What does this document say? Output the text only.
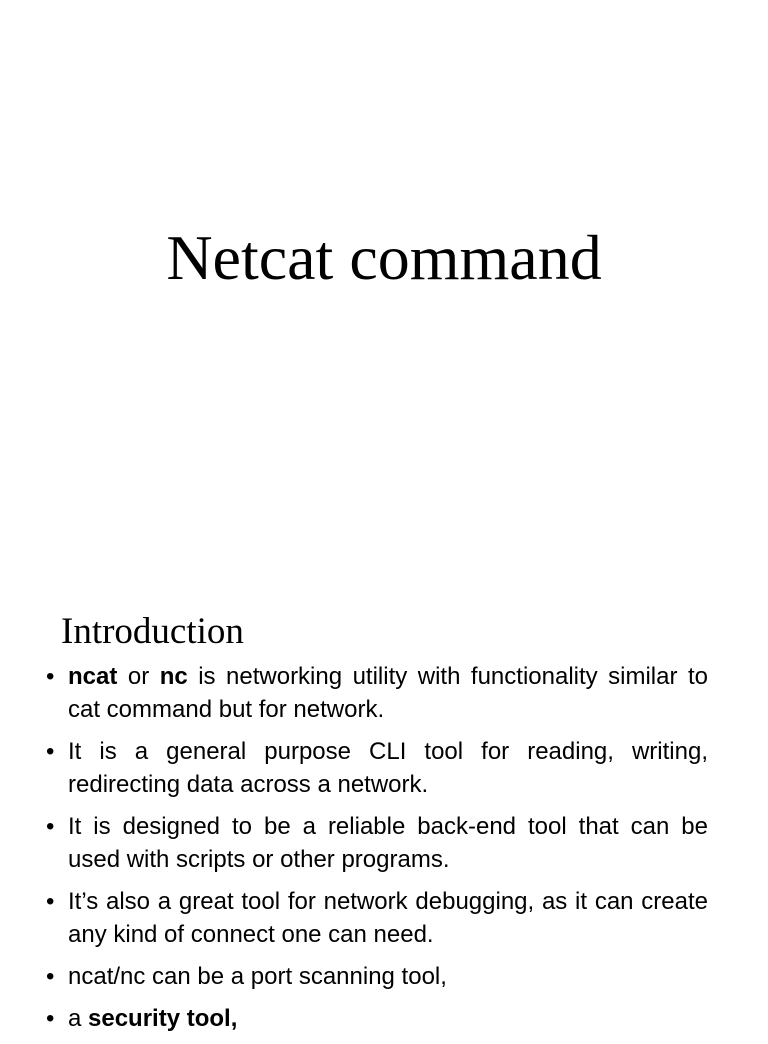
Netcat command
Introduction
• ncat or nc is networking utility with functionality similar to cat command but for network.
• It is a general purpose CLI tool for reading, writing, redirecting data across a network.
• It is designed to be a reliable back-end tool that can be used with scripts or other programs.
• It’s also a great tool for network debugging, as it can create any kind of connect one can need.
• ncat/nc can be a port scanning tool,
• a security tool,
